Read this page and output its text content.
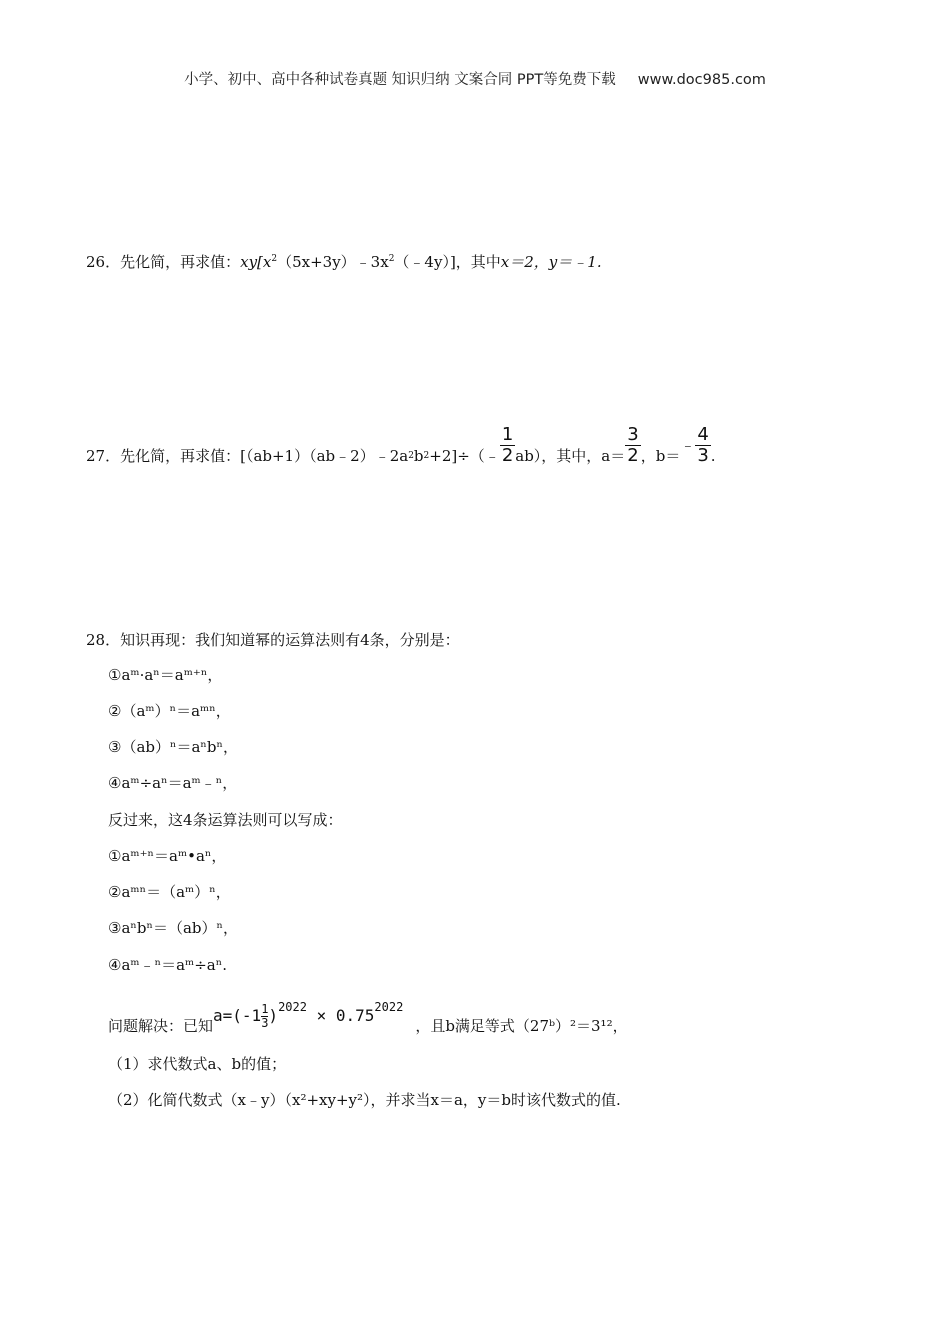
小学、初中、高中各种试卷真题 知识归纳 文案合同 PPT等免费下载 www.doc985.com
26．先化简，再求值：$xy[x^2(5x+3y)﹣3x^2(﹣4y)]$，其中x＝2，y＝﹣1.
27． 先化简，再求值：[（ab+1）（ab﹣2）﹣2a 2 b 2 +2]÷（﹣ $\frac{1}{2} ab$），其中，$a= \frac{3}{2}$ ，b＝
﹣ $\frac{4}{3}$ .
28．知识再现：我们知道幂的运算法则有4条，分别是：
①aᵐ·aⁿ＝aᵐ⁺ⁿ，
②（aᵐ）ⁿ＝aᵐⁿ，
③（ab）ⁿ＝aⁿbⁿ，
④aᵐ÷aⁿ＝aᵐ﹣ⁿ，
反过来，这4条运算法则可以写成：
①aᵐ⁺ⁿ＝aᵐ•aⁿ，
②aᵐⁿ＝（aᵐ）ⁿ，
③aⁿbⁿ＝（ab）ⁿ，
④aᵐ﹣ⁿ＝aᵐ÷aⁿ.
问题解决：已知
$a=(-1 \frac{1}{3})^{2022} \times 0.75^{2022}$
，且b满足等式（27ᵇ）²＝3¹²，
（1）求代数式a、b的值；
（2）化简代数式（x﹣y）（x²+xy+y²），并求当x＝a，y＝b时该代数式的值.
